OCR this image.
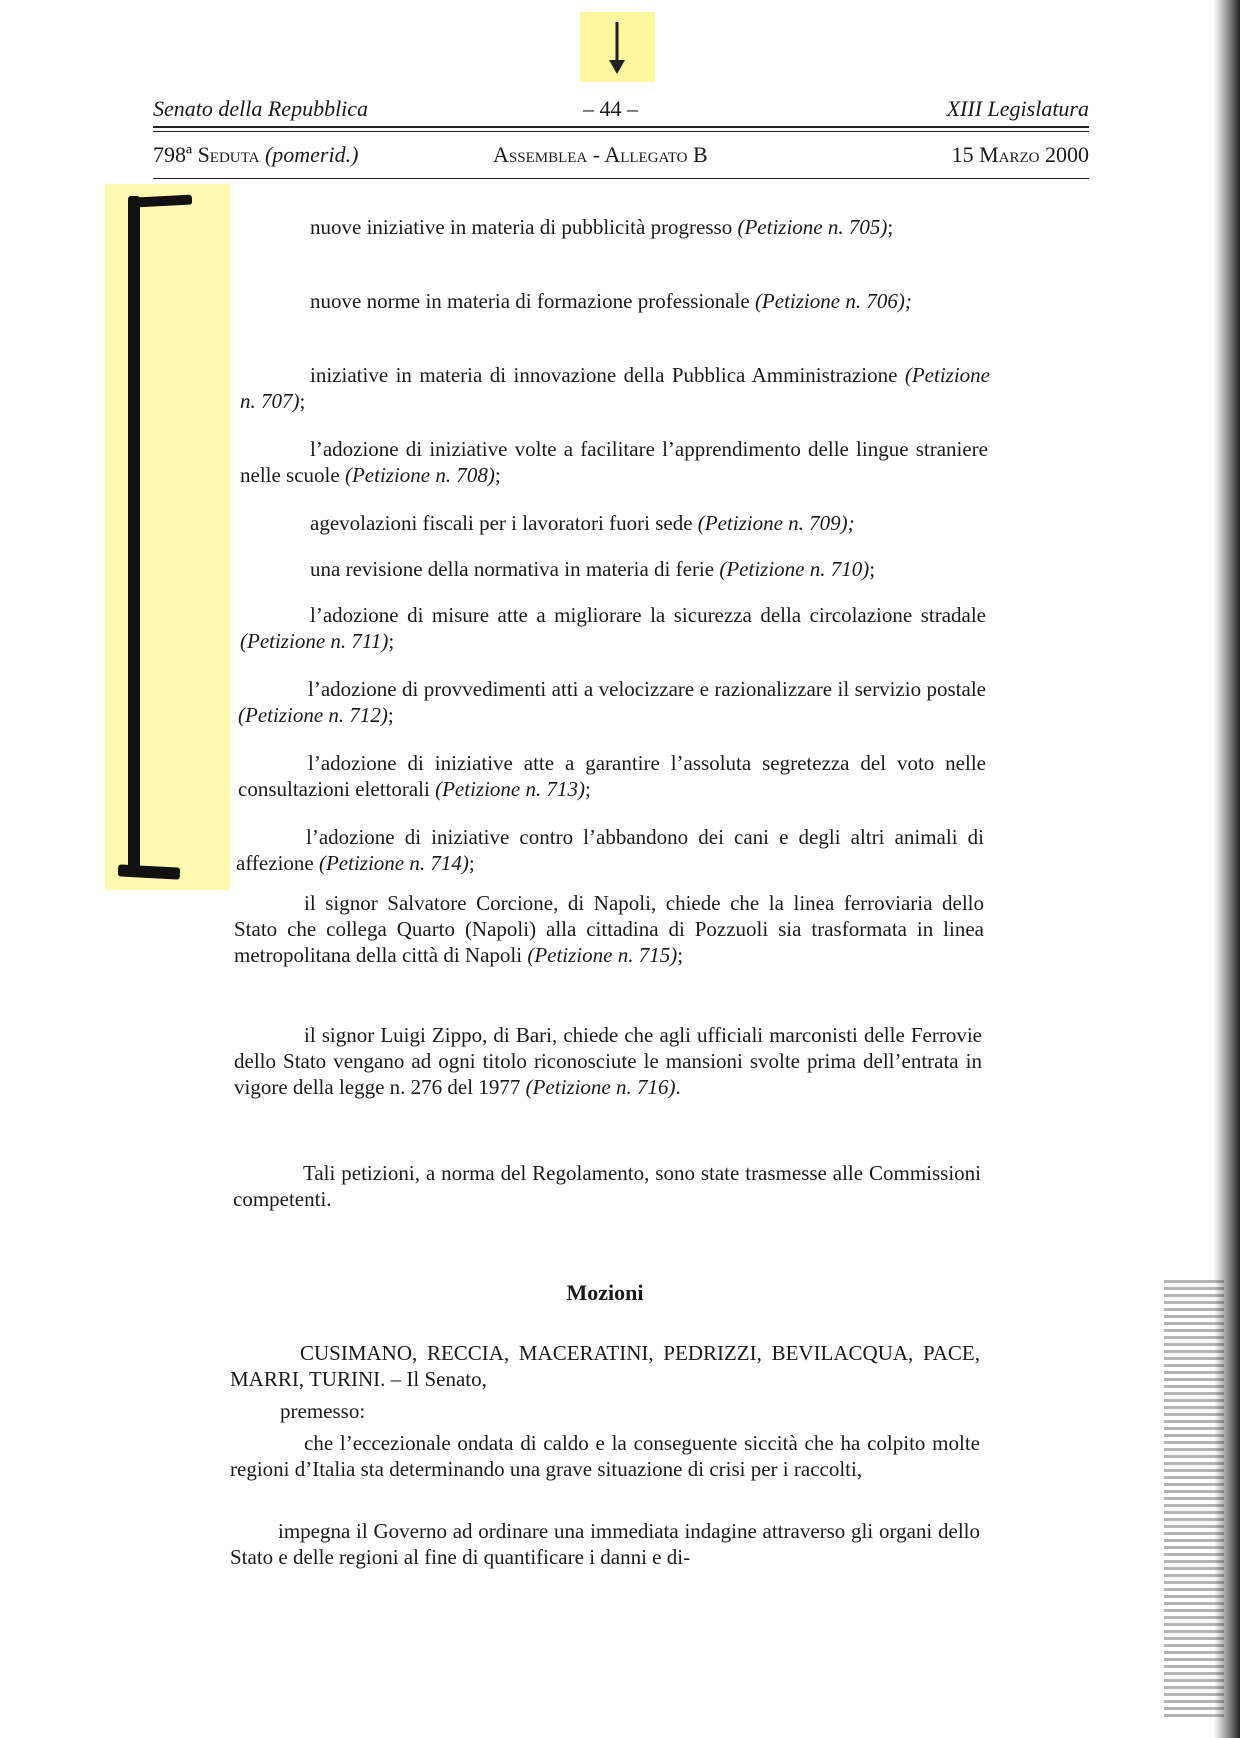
Senato della Repubblica	– 44 –	XIII Legislatura
798ª Seduta (pomerid.)	Assemblea - Allegato B	15 Marzo 2000
nuove iniziative in materia di pubblicità progresso (Petizione n. 705);
nuove norme in materia di formazione professionale (Petizione n. 706);
iniziative in materia di innovazione della Pubblica Amministrazione (Petizione n. 707);
l’adozione di iniziative volte a facilitare l’apprendimento delle lingue straniere nelle scuole (Petizione n. 708);
agevolazioni fiscali per i lavoratori fuori sede (Petizione n. 709);
una revisione della normativa in materia di ferie (Petizione n. 710);
l’adozione di misure atte a migliorare la sicurezza della circolazione stradale (Petizione n. 711);
l’adozione di provvedimenti atti a velocizzare e razionalizzare il servizio postale (Petizione n. 712);
l’adozione di iniziative atte a garantire l’assoluta segretezza del voto nelle consultazioni elettorali (Petizione n. 713);
l’adozione di iniziative contro l’abbandono dei cani e degli altri animali di affezione (Petizione n. 714);
il signor Salvatore Corcione, di Napoli, chiede che la linea ferroviaria dello Stato che collega Quarto (Napoli) alla cittadina di Pozzuoli sia trasformata in linea metropolitana della città di Napoli (Petizione n. 715);
il signor Luigi Zippo, di Bari, chiede che agli ufficiali marconisti delle Ferrovie dello Stato vengano ad ogni titolo riconosciute le mansioni svolte prima dell’entrata in vigore della legge n. 276 del 1977 (Petizione n. 716).
Tali petizioni, a norma del Regolamento, sono state trasmesse alle Commissioni competenti.
Mozioni
CUSIMANO, RECCIA, MACERATINI, PEDRIZZI, BEVILACQUA, PACE, MARRI, TURINI. – Il Senato,
premesso:
che l’eccezionale ondata di caldo e la conseguente siccità che ha colpito molte regioni d’Italia sta determinando una grave situazione di crisi per i raccolti,
impegna il Governo ad ordinare una immediata indagine attraverso gli organi dello Stato e delle regioni al fine di quantificare i danni e di-
